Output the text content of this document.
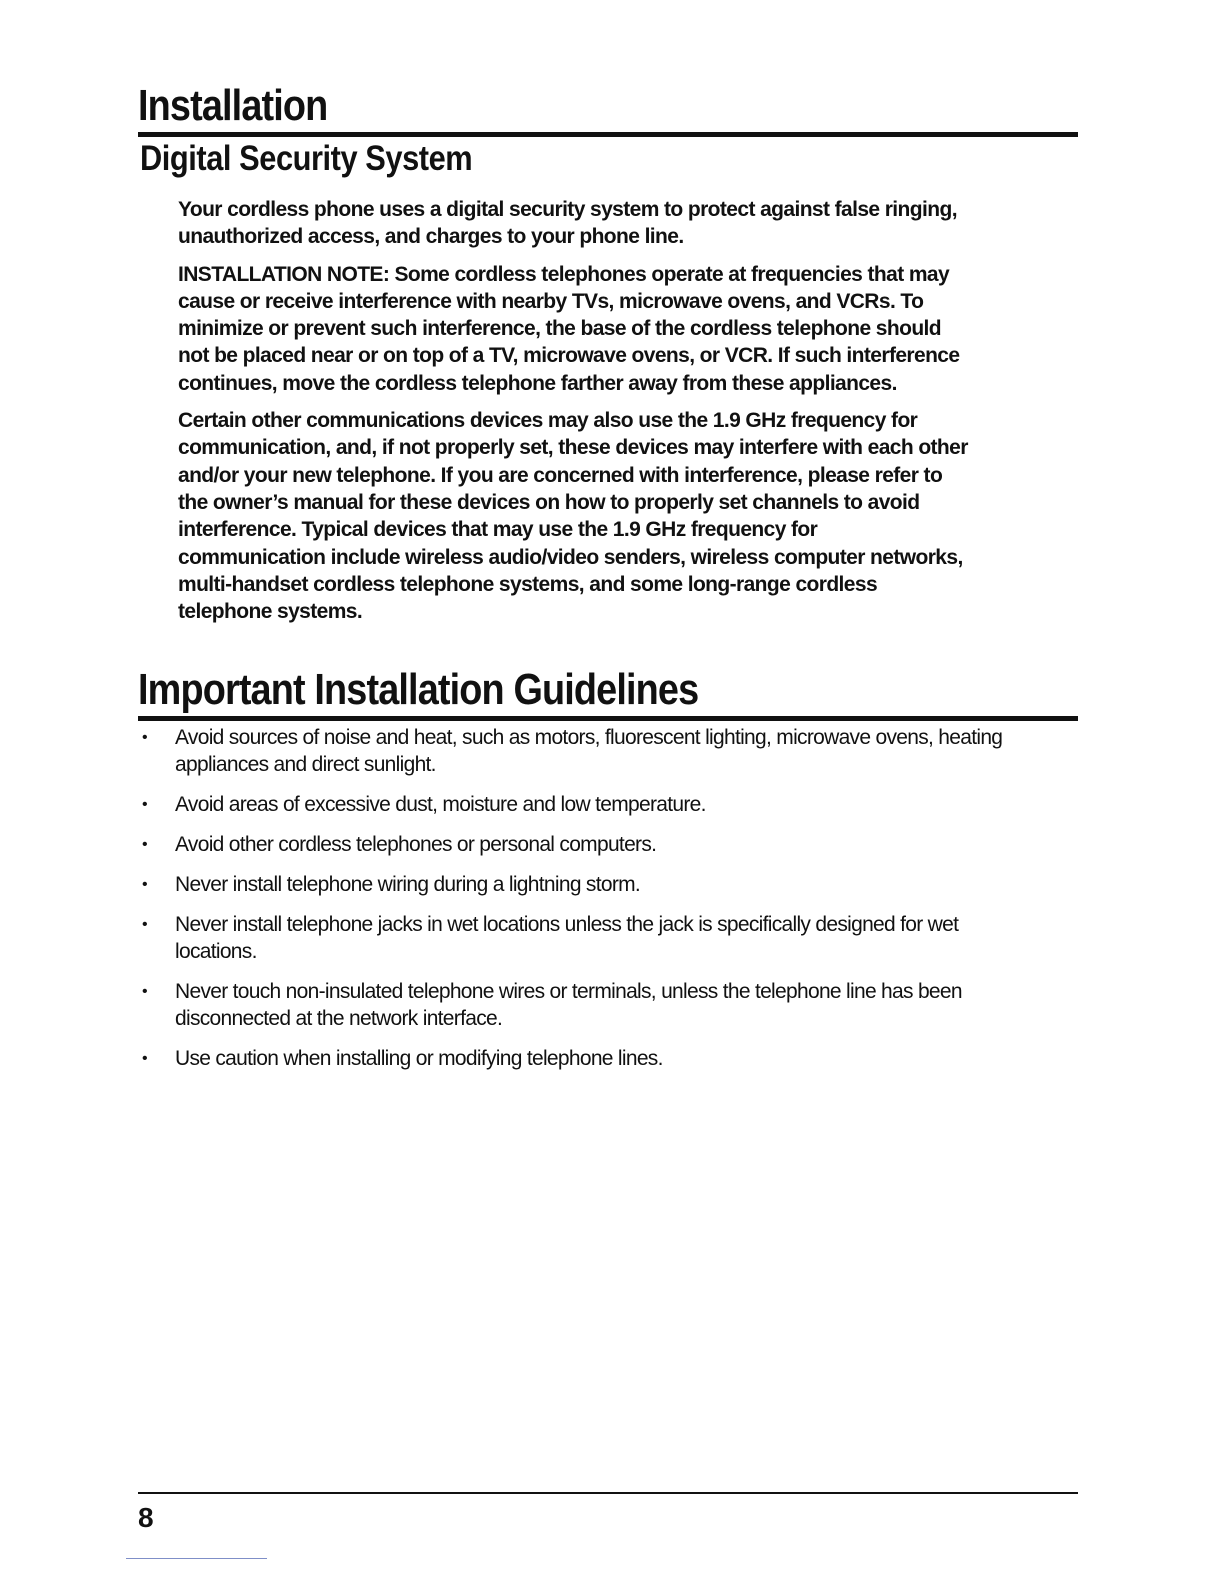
Installation
Digital Security System

Your cordless phone uses a digital security system to protect against false ringing, unauthorized access, and charges to your phone line.

INSTALLATION NOTE: Some cordless telephones operate at frequencies that may cause or receive interference with nearby TVs, microwave ovens, and VCRs. To minimize or prevent such interference, the base of the cordless telephone should not be placed near or on top of a TV, microwave ovens, or VCR. If such interference continues, move the cordless telephone farther away from these appliances.

Certain other communications devices may also use the 1.9 GHz frequency for communication, and, if not properly set, these devices may interfere with each other and/or your new telephone. If you are concerned with interference, please refer to the owner’s manual for these devices on how to properly set channels to avoid interference. Typical devices that may use the 1.9 GHz frequency for communication include wireless audio/video senders, wireless computer networks, multi-handset cordless telephone systems, and some long-range cordless telephone systems.

Important Installation Guidelines
• Avoid sources of noise and heat, such as motors, fluorescent lighting, microwave ovens, heating appliances and direct sunlight.
• Avoid areas of excessive dust, moisture and low temperature.
• Avoid other cordless telephones or personal computers.
• Never install telephone wiring during a lightning storm.
• Never install telephone jacks in wet locations unless the jack is specifically designed for wet locations.
• Never touch non-insulated telephone wires or terminals, unless the telephone line has been disconnected at the network interface.
• Use caution when installing or modifying telephone lines.
8
